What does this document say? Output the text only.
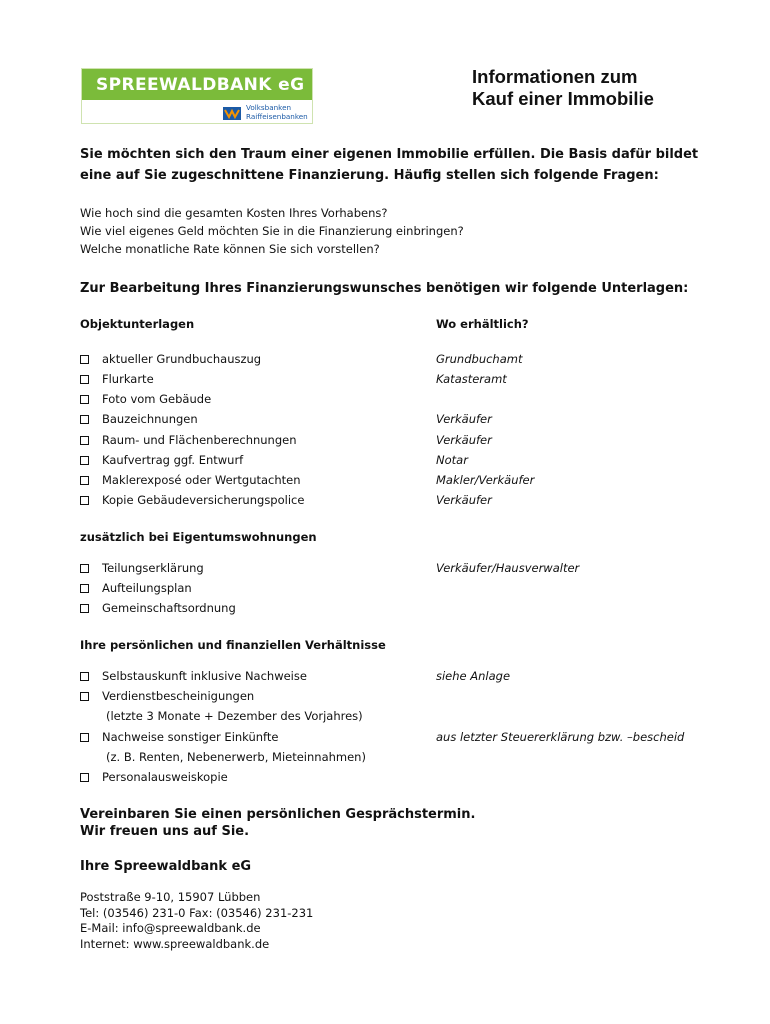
SPREEWALDBANK eG
Volksbanken
Raiffeisenbanken
Informationen zum
Kauf einer Immobilie
Sie möchten sich den Traum einer eigenen Immobilie erfüllen. Die Basis dafür bildet
eine auf Sie zugeschnittene Finanzierung. Häufig stellen sich folgende Fragen:
Wie hoch sind die gesamten Kosten Ihres Vorhabens?
Wie viel eigenes Geld möchten Sie in die Finanzierung einbringen?
Welche monatliche Rate können Sie sich vorstellen?
Zur Bearbeitung Ihres Finanzierungswunsches benötigen wir folgende Unterlagen:
Objektunterlagen	Wo erhältlich?
aktueller Grundbuchauszug	Grundbuchamt
Flurkarte	Katasteramt
Foto vom Gebäude
Bauzeichnungen	Verkäufer
Raum- und Flächenberechnungen	Verkäufer
Kaufvertrag ggf. Entwurf	Notar
Maklerexposé oder Wertgutachten	Makler/Verkäufer
Kopie Gebäudeversicherungspolice	Verkäufer
zusätzlich bei Eigentumswohnungen
Teilungserklärung	Verkäufer/Hausverwalter
Aufteilungsplan
Gemeinschaftsordnung
Ihre persönlichen und finanziellen Verhältnisse
Selbstauskunft inklusive Nachweise	siehe Anlage
Verdienstbescheinigungen
(letzte 3 Monate + Dezember des Vorjahres)
Nachweise sonstiger Einkünfte	aus letzter Steuererklärung bzw. –bescheid
(z. B. Renten, Nebenerwerb, Mieteinnahmen)
Personalausweiskopie
Vereinbaren Sie einen persönlichen Gesprächstermin.
Wir freuen uns auf Sie.
Ihre Spreewaldbank eG
Poststraße 9-10, 15907 Lübben
Tel: (03546) 231-0 Fax: (03546) 231-231
E-Mail: info@spreewaldbank.de
Internet: www.spreewaldbank.de
